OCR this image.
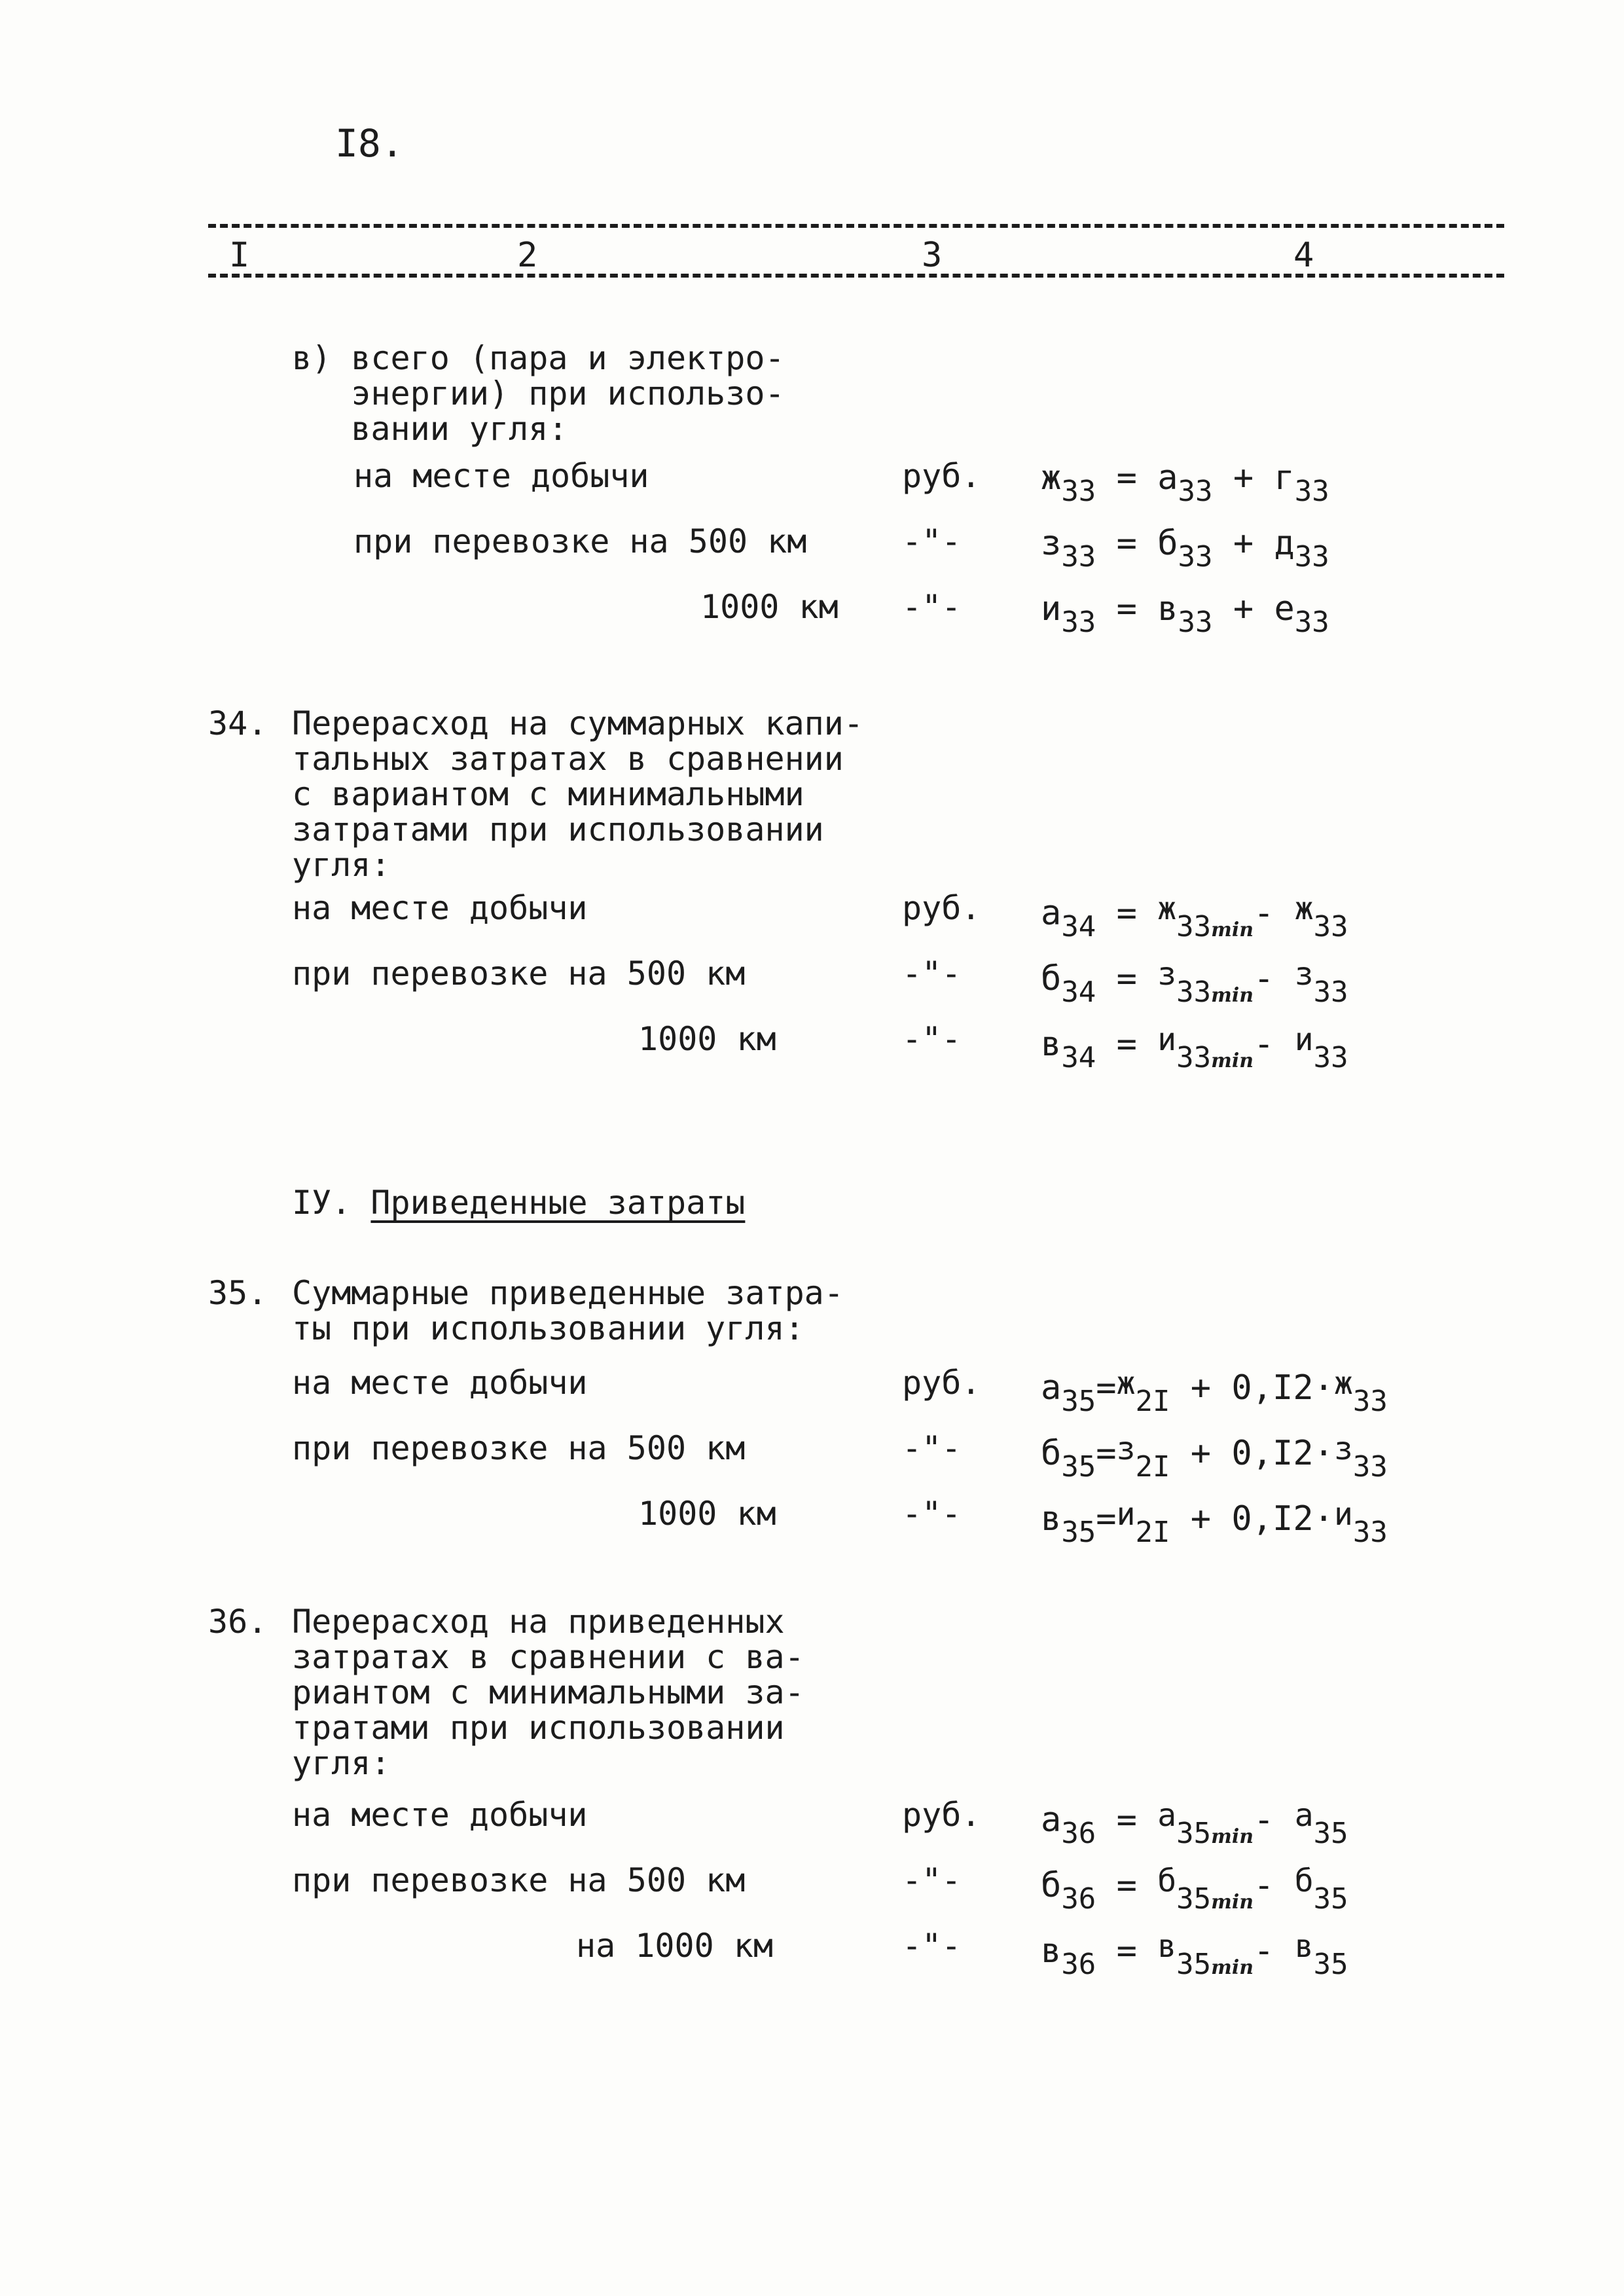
I8.
I	2	3	4
в) всего (пара и электро-
энергии) при использо-
вании угля:
на месте добычи	руб. $ж_{33} = а_{33} + г_{33}$
при перевозке на 500 км	-"- $з_{33} = б_{33} + д_{33}$
1000 км -"- $и_{33} = в_{33} + е_{33}$
34. Перерасход на суммарных капи-
тальных затратах в сравнении
с вариантом с минимальными
затратами при использовании
угля:
на месте добычи	руб. $а_{34} = ж_{33min}-$ $ж_{33}$
при перевозке на 500 км	-"- $б_{34} = з_{33min}-$ $з_{33}$
1000 км	-"- $в_{34} = и_{33min}-$ $и_{33}$
IУ. Приведенные затраты
35. Суммарные приведенные затра-
ты при использовании угля:
на месте добычи	руб. $а_{35}=ж_{2I} + 0,I2\cdot ж_{33}$
при перевозке на 500 км	-"- $б_{35}=з_{2I} + 0,I2\cdot з_{33}$
1000 км	-"- $в_{35}=и_{2I} + 0,I2\cdot и_{33}$
36. Перерасход на приведенных
затратах в сравнении с ва-
риантом с минимальными за-
тратами при использовании
угля:
на месте добычи	руб. $а_{36} = а_{35min}-$ $а_{35}$
при перевозке на 500 км	-"- $б_{36} = б_{35min}-$ $б_{35}$
на 1000 км	-"- $в_{36} = в_{35min}-$ $в_{35}$
